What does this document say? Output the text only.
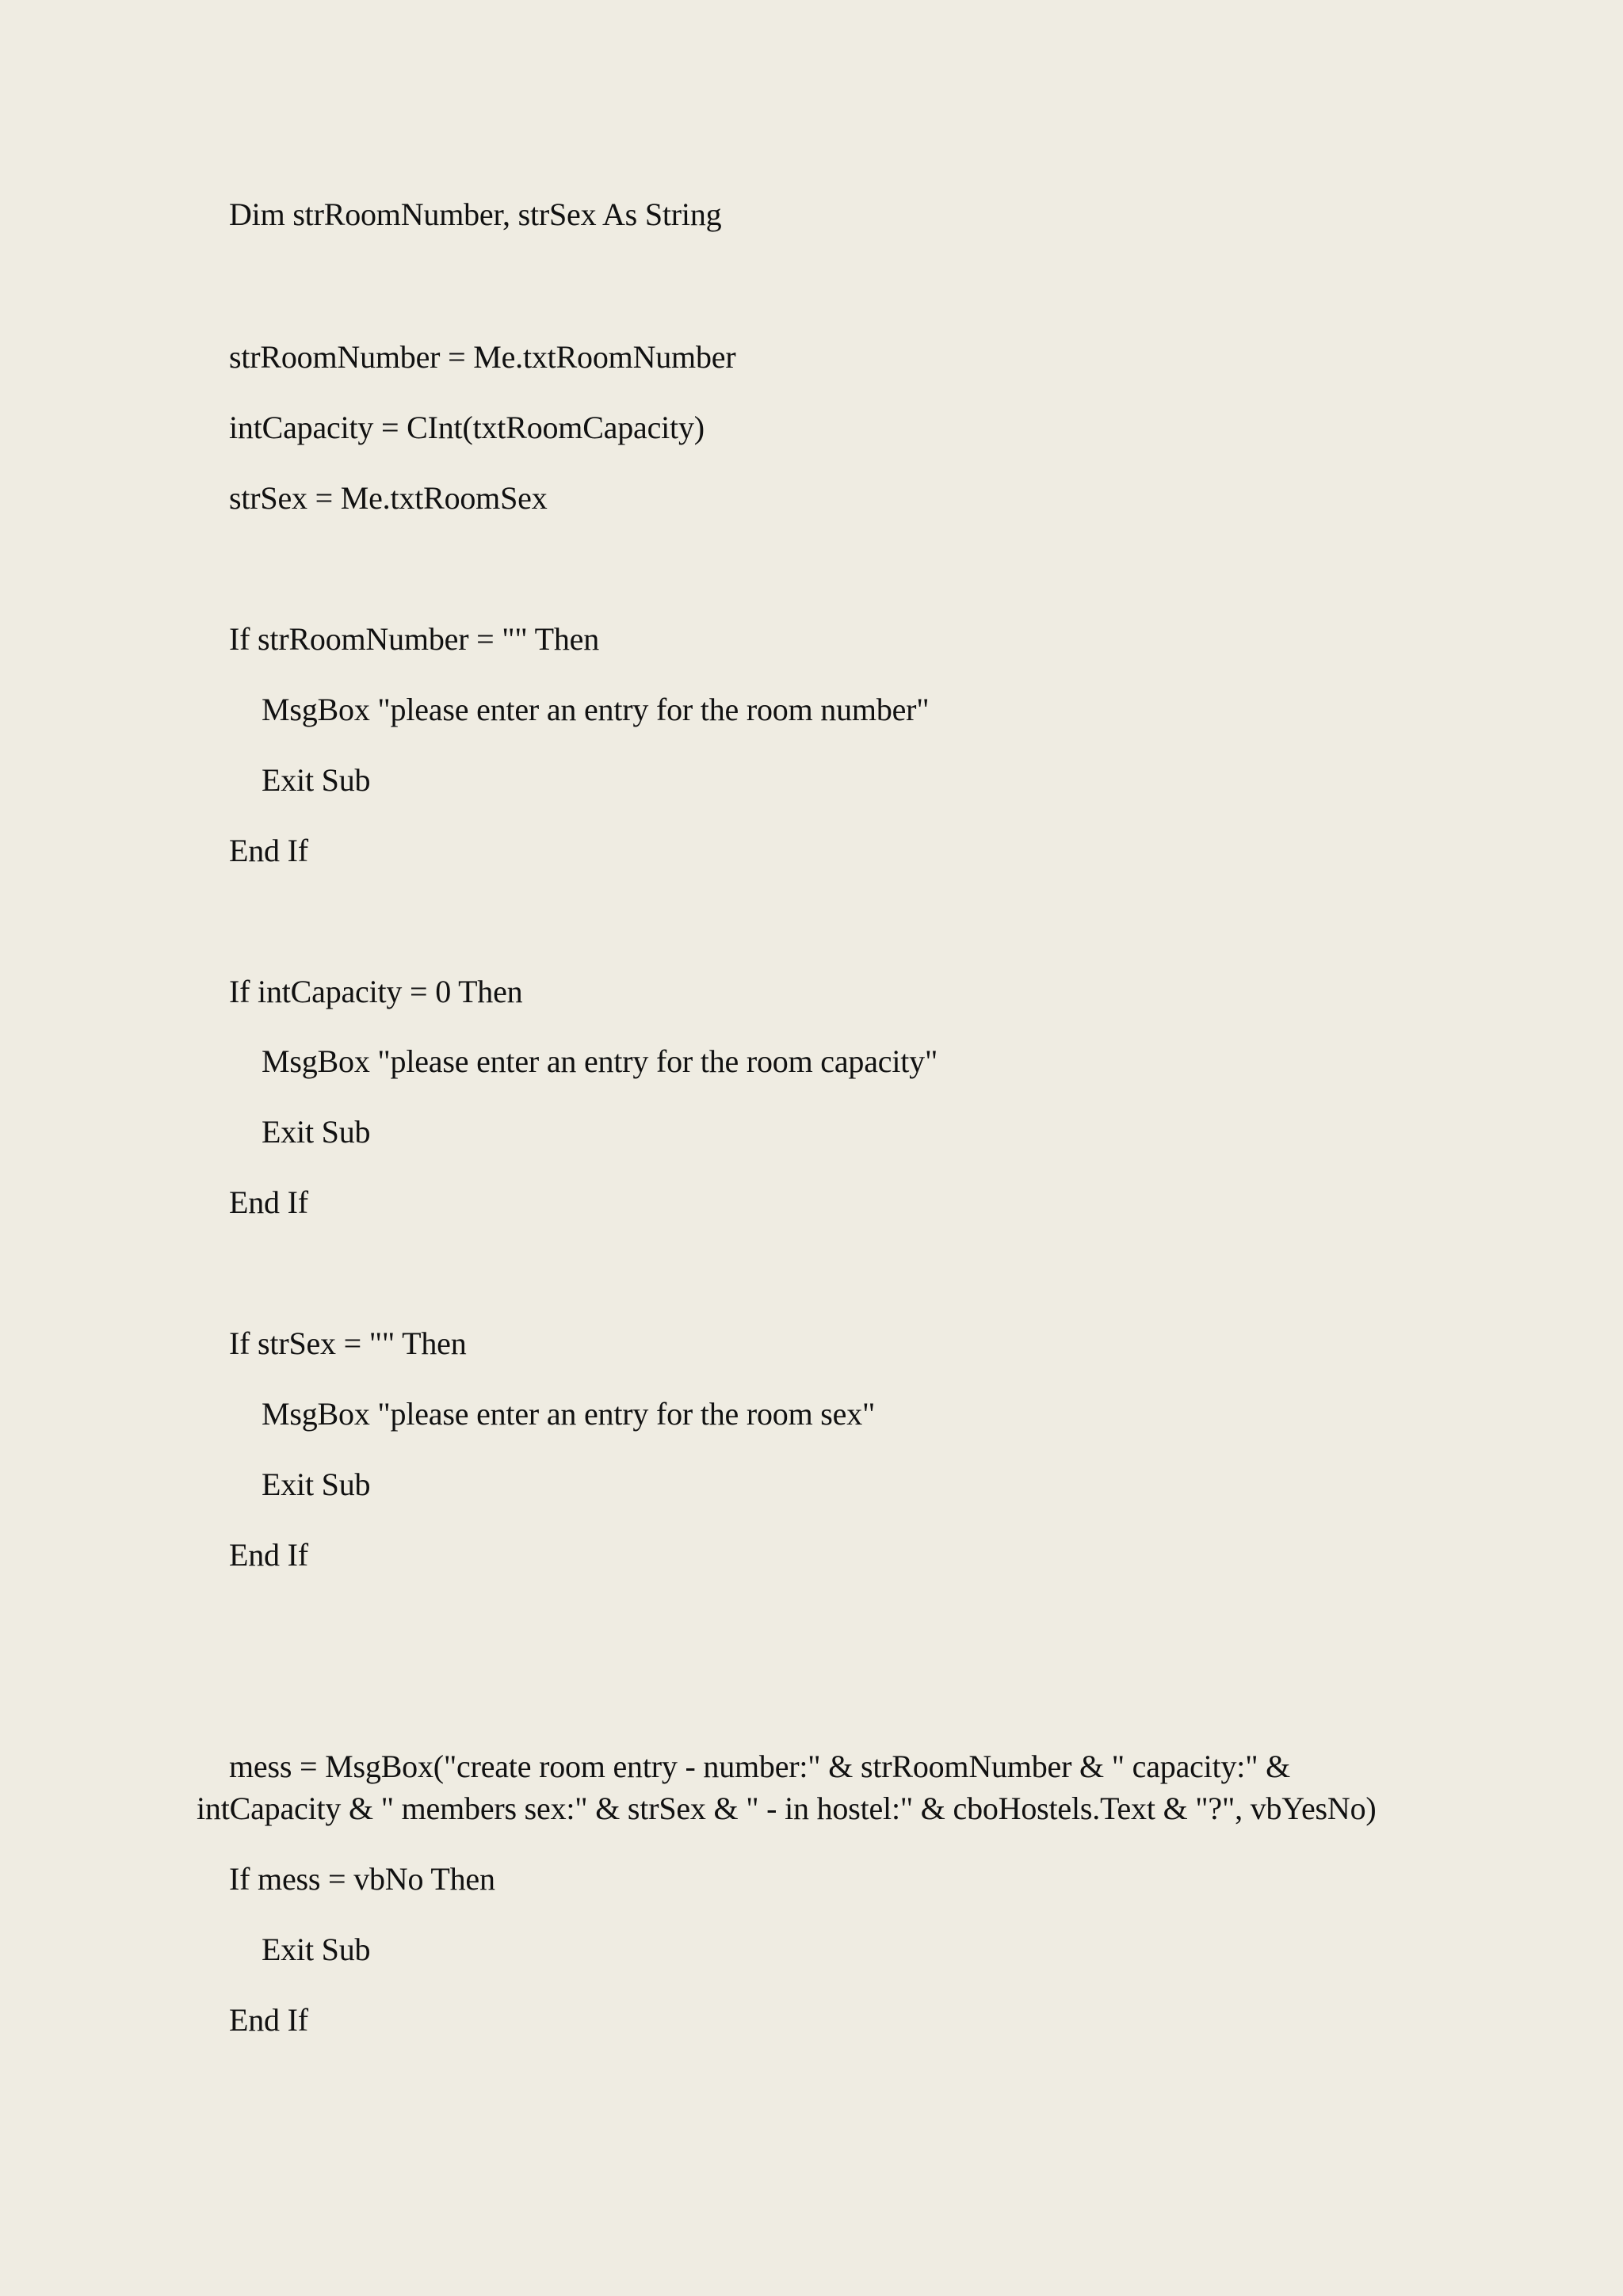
Dim strRoomNumber, strSex As String
strRoomNumber = Me.txtRoomNumber
intCapacity = CInt(txtRoomCapacity)
strSex = Me.txtRoomSex
If strRoomNumber = "" Then
MsgBox "please enter an entry for the room number"
Exit Sub
End If
If intCapacity = 0 Then
MsgBox "please enter an entry for the room capacity"
Exit Sub
End If
If strSex = "" Then
MsgBox "please enter an entry for the room sex"
Exit Sub
End If
mess = MsgBox("create room entry - number:" & strRoomNumber & " capacity:" &
intCapacity & " members sex:" & strSex & " - in hostel:" & cboHostels.Text & "?", vbYesNo)
If mess = vbNo Then
Exit Sub
End If
